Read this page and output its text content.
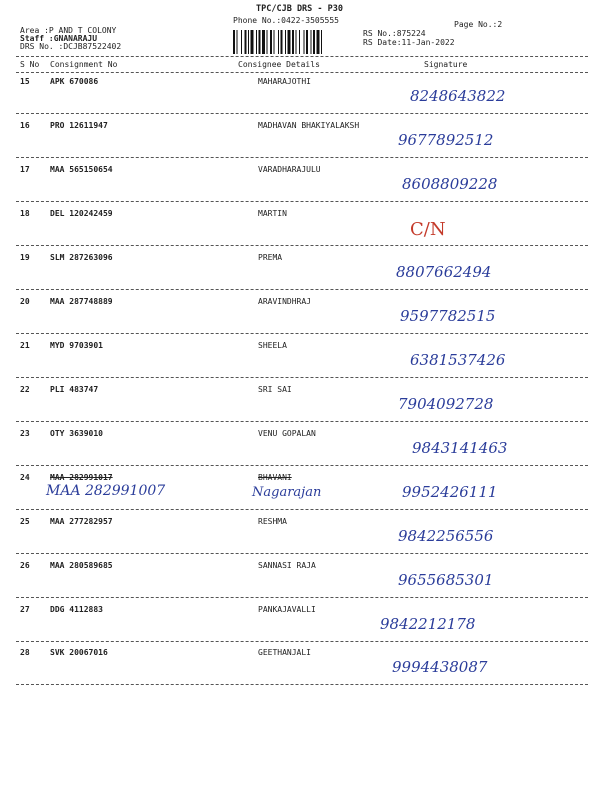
TPC/CJB DRS - P30
Phone No.:0422-3505555	Page No.:2
Area :P AND T COLONY
Staff :GNANARAJU
DRS No. :DCJB87522402
RS No.:875224
RS Date:11-Jan-2022
S No Consignment No	Consignee Details	Signature
15	APK 670086	MAHARAJOTHI
8248643822
16	PRO 12611947	MADHAVAN BHAKIYALAKSH
9677892512
17	MAA 565150654	VARADHARAJULU
8608809228
18	DEL 120242459	MARTIN
C/N
19	SLM 287263096	PREMA
8807662494
20	MAA 287748889	ARAVINDHRAJ
9597782515
21	MYD 9703901	SHEELA
6381537426
22	PLI 483747	SRI SAI
7904092728
23	OTY 3639010	VENU GOPALAN
9843141463
24	MAA 282991017	BHAVANI
9952426111
MAA 282991007	Nagarajan
25	MAA 277282957	RESHMA
9842256556
26	MAA 280589685	SANNASI RAJA
9655685301
27	DDG 4112883	PANKAJAVALLI
9842212178
28	SVK 20067016	GEETHANJALI
9994438087
